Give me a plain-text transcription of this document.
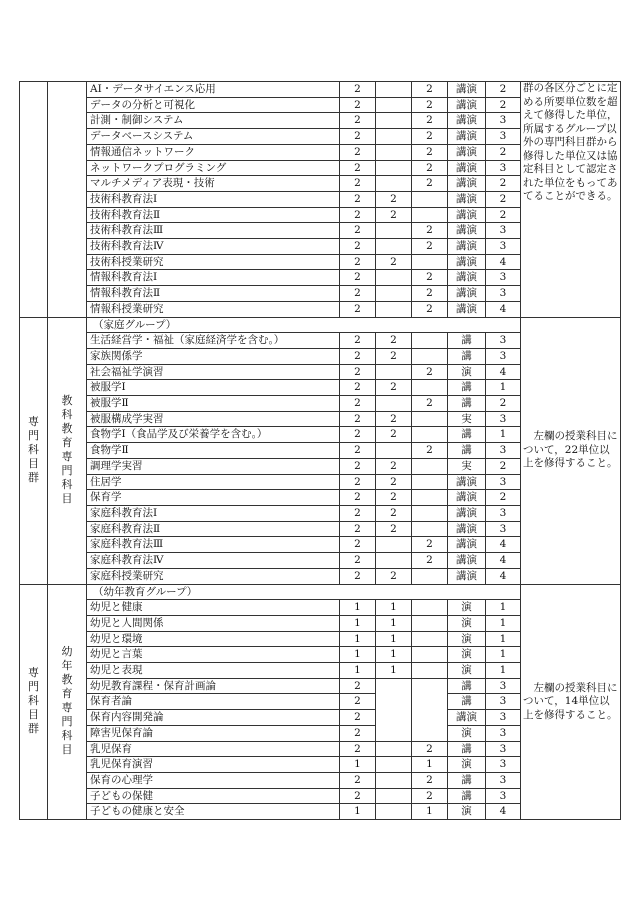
		AI・データサイエンス応用	2		2	講演	2	群の各区分ごとに定める所要単位数を超えて修得した単位，所属するグループ以外の専門科目群から修得した単位又は協定科目として認定された単位をもってあてることができる。

		データの分析と可視化	2		2	講演	2	
		計測・制御システム	2		2	講演	3	
		データベースシステム	2		2	講演	3	
		情報通信ネットワーク	2		2	講演	2	
		ネットワークプログラミング	2		2	講演	3	
		マルチメディア表現・技術	2		2	講演	2	
		技術科教育法Ⅰ	2	2		講演	2	
		技術科教育法Ⅱ	2	2		講演	2	
		技術科教育法Ⅲ	2		2	講演	3	
		技術科教育法Ⅳ	2		2	講演	3	
		技術科授業研究	2	2		講演	4	
		情報科教育法Ⅰ	2		2	講演	3	
		情報科教育法Ⅱ	2		2	講演	3	
		情報科授業研究	2		2	講演	4	
専門科目群	教科教育専門科目	（家庭グループ）						左欄の授業科目について，22単位以上を修得すること。

		生活経営学・福祉（家庭経済学を含む。）	2	2		講	3	
		家族関係学	2	2		講	3	
		社会福祉学演習	2		2	演	4	
		被服学Ⅰ	2	2		講	1	
		被服学Ⅱ	2		2	講	2	
		被服構成学実習	2	2		実	3	
		食物学Ⅰ（食品学及び栄養学を含む。）	2	2		講	1	
		食物学Ⅱ	2		2	講	3	
		調理学実習	2	2		実	2	
		住居学	2	2		講演	3	
		保育学	2	2		講演	2	
		家庭科教育法Ⅰ	2	2		講演	3	
		家庭科教育法Ⅱ	2	2		講演	3	
		家庭科教育法Ⅲ	2		2	講演	4	
		家庭科教育法Ⅳ	2		2	講演	4	
		家庭科授業研究	2	2		講演	4	
専門科目群	幼年教育専門科目	（幼年教育グループ）						左欄の授業科目について，14単位以上を修得すること。

		幼児と健康	1	1		演	1	
		幼児と人間関係	1	1		演	1	
		幼児と環境	1	1		演	1	
		幼児と言葉	1	1		演	1	
		幼児と表現	1	1		演	1	
		幼児教育課程・保育計画論	2			講	3	
		保育者論	2			講	3	
		保育内容開発論	2			講演	3	
		障害児保育論	2			演	3	
		乳児保育	2		2	講	3	
		乳児保育演習	1		1	演	3	
		保育の心理学	2		2	講	3	
		子どもの保健	2		2	講	3	
		子どもの健康と安全	1		1	演	4	
